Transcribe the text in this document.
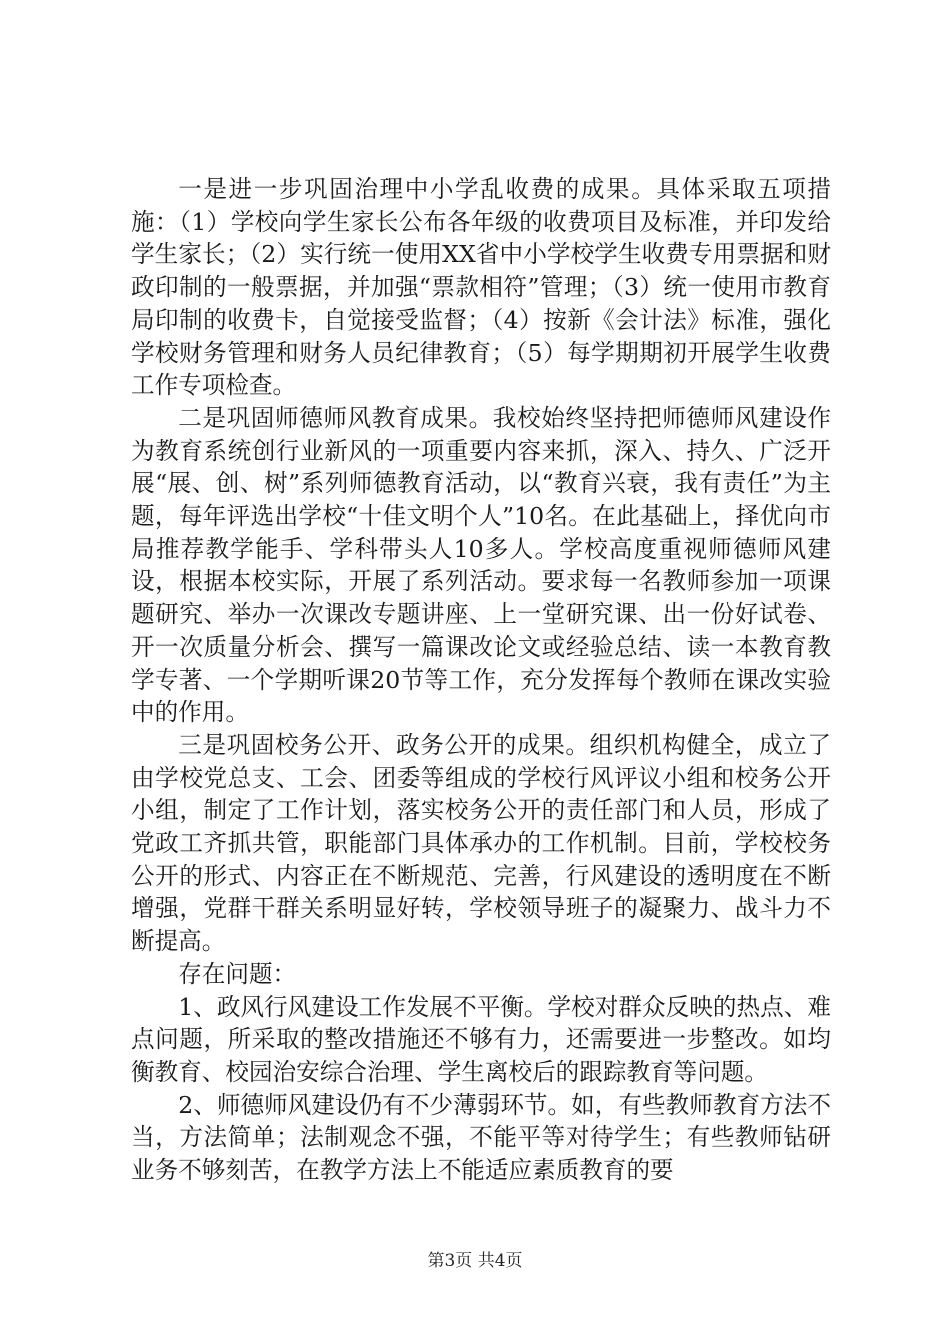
一是进一步巩固治理中小学乱收费的成果。具体采取五项措施：（1）学校向学生家长公布各年级的收费项目及标准，并印发给学生家长；（2）实行统一使用XX省中小学校学生收费专用票据和财政印制的一般票据，并加强“票款相符”管理；（3）统一使用市教育局印制的收费卡，自觉接受监督；（4）按新《会计法》标准，强化学校财务管理和财务人员纪律教育；（5）每学期期初开展学生收费工作专项检查。

二是巩固师德师风教育成果。我校始终坚持把师德师风建设作为教育系统创行业新风的一项重要内容来抓，深入、持久、广泛开展“展、创、树”系列师德教育活动，以“教育兴衰，我有责任”为主题，每年评选出学校“十佳文明个人”10名。在此基础上，择优向市局推荐教学能手、学科带头人10多人。学校高度重视师德师风建设，根据本校实际，开展了系列活动。要求每一名教师参加一项课题研究、举办一次课改专题讲座、上一堂研究课、出一份好试卷、开一次质量分析会、撰写一篇课改论文或经验总结、读一本教育教学专著、一个学期听课20节等工作，充分发挥每个教师在课改实验中的作用。

三是巩固校务公开、政务公开的成果。组织机构健全，成立了由学校党总支、工会、团委等组成的学校行风评议小组和校务公开小组，制定了工作计划，落实校务公开的责任部门和人员，形成了党政工齐抓共管，职能部门具体承办的工作机制。目前，学校校务公开的形式、内容正在不断规范、完善，行风建设的透明度在不断增强，党群干群关系明显好转，学校领导班子的凝聚力、战斗力不断提高。

存在问题：

1、政风行风建设工作发展不平衡。学校对群众反映的热点、难点问题，所采取的整改措施还不够有力，还需要进一步整改。如均衡教育、校园治安综合治理、学生离校后的跟踪教育等问题。

2、师德师风建设仍有不少薄弱环节。如，有些教师教育方法不当，方法简单；法制观念不强，不能平等对待学生；有些教师钻研业务不够刻苦，在教学方法上不能适应素质教育的要

第3页 共4页
